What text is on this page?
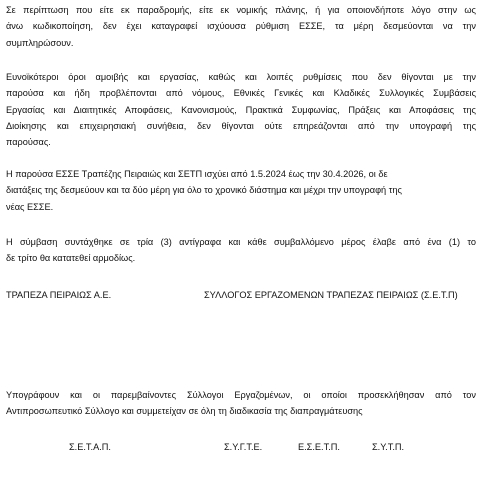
Σε περίπτωση που είτε εκ παραδρομής, είτε εκ νομικής πλάνης, ή για οποιονδήποτε λόγο στην ως
άνω κωδικοποίηση, δεν έχει καταγραφεί ισχύουσα ρύθμιση ΕΣΣΕ, τα μέρη δεσμεύονται να την
συμπληρώσουν.

Ευνοϊκότεροι όροι αμοιβής και εργασίας, καθώς και λοιπές ρυθμίσεις που δεν θίγονται με την
παρούσα και ήδη προβλέπονται από νόμους, Εθνικές Γενικές και Κλαδικές Συλλογικές Συμβάσεις
Εργασίας και Διαιτητικές Αποφάσεις, Κανονισμούς, Πρακτικά Συμφωνίας, Πράξεις και Αποφάσεις της
Διοίκησης και επιχειρησιακή συνήθεια, δεν θίγονται ούτε επηρεάζονται από την υπογραφή της
παρούσας.

Η παρούσα ΕΣΣΕ Τραπέζης Πειραιώς και ΣΕΤΠ ισχύει από 1.5.2024 έως την 30.4.2026, οι δε
διατάξεις της δεσμεύουν και τα δύο μέρη για όλο το χρονικό διάστημα και μέχρι την υπογραφή της
νέας ΕΣΣΕ.

Η σύμβαση συντάχθηκε σε τρία (3) αντίγραφα και κάθε συμβαλλόμενο μέρος έλαβε από ένα (1) το
δε τρίτο θα κατατεθεί αρμοδίως.

ΤΡΑΠΕΖΑ ΠΕΙΡΑΙΩΣ Α.Ε.	ΣΥΛΛΟΓΟΣ ΕΡΓΑΖΟΜΕΝΩΝ ΤΡΑΠΕΖΑΣ ΠΕΙΡΑΙΩΣ (Σ.Ε.Τ.Π)

Υπογράφουν και οι παρεμβαίνοντες Σύλλογοι Εργαζομένων, οι οποίοι προσεκλήθησαν από τον
Αντιπροσωπευτικό Σύλλογο και συμμετείχαν σε όλη τη διαδικασία της διαπραγμάτευσης

Σ.Ε.Τ.Α.Π.	Σ.Υ.Γ.Τ.Ε.	Ε.Σ.Ε.Τ.Π.	Σ.Υ.Τ.Π.
